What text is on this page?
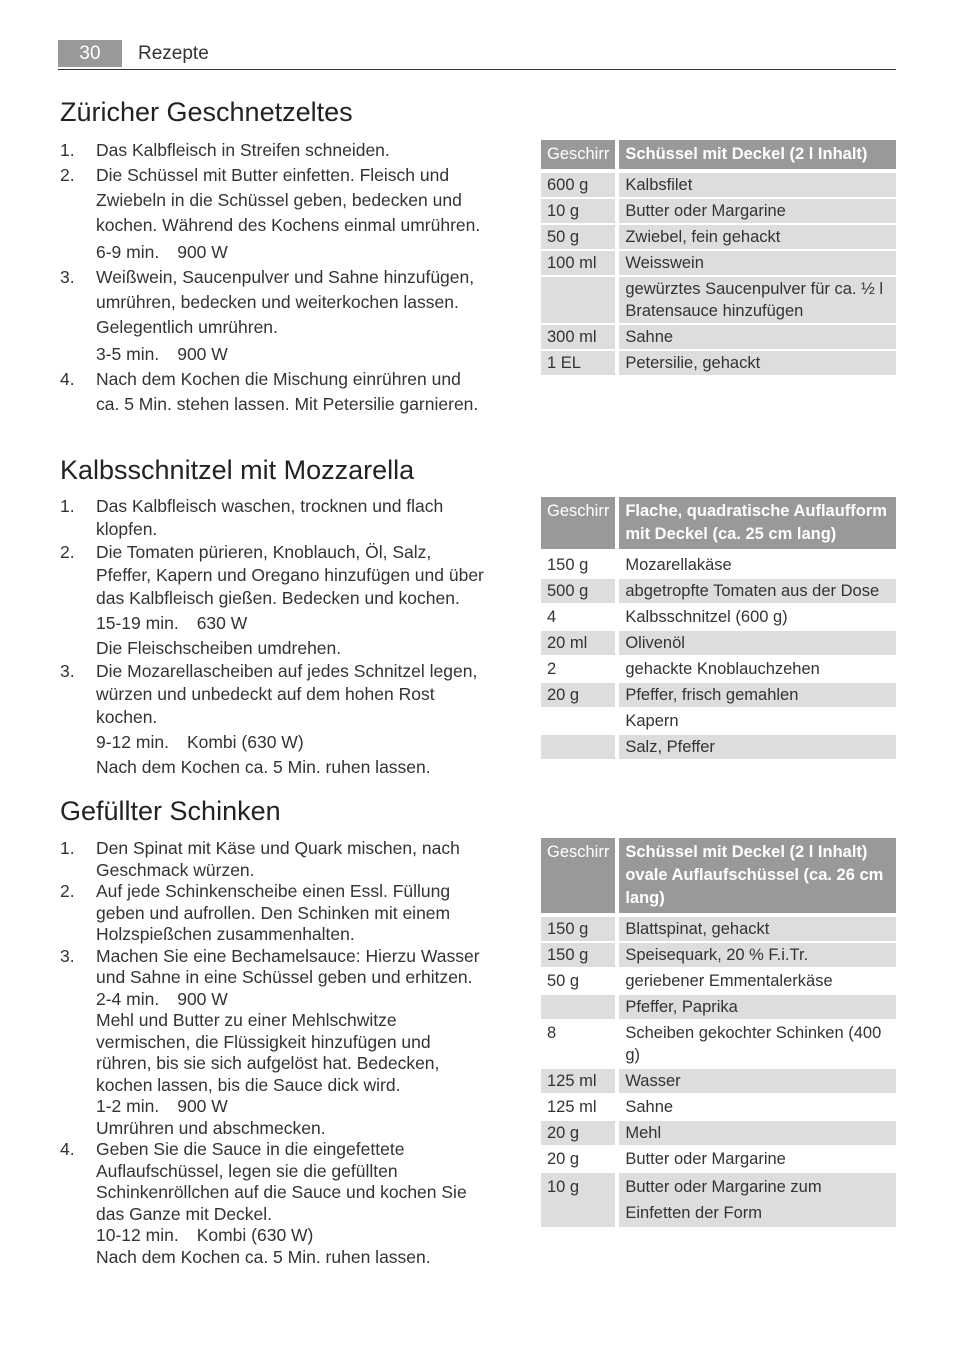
30	Rezepte
Züricher Geschnetzeltes
1. Das Kalbfleisch in Streifen schneiden.
2. Die Schüssel mit Butter einfetten. Fleisch und Zwiebeln in die Schüssel geben, bedecken und kochen. Während des Kochens einmal umrühren.
6-9 min. 900 W
3. Weißwein, Saucenpulver und Sahne hinzufügen, umrühren, bedecken und weiterkochen lassen. Gelegentlich umrühren.
3-5 min. 900 W
4. Nach dem Kochen die Mischung einrühren und ca. 5 Min. stehen lassen. Mit Petersilie garnieren.
Geschirr	Schüssel mit Deckel (2 l Inhalt)

600 g	Kalbsfilet
10 g	Butter oder Margarine
50 g	Zwiebel, fein gehackt
100 ml	Weisswein
	gewürztes Saucenpulver für ca. ½ l Bratensauce hinzufügen
300 ml	Sahne
1 EL	Petersilie, gehackt
Kalbsschnitzel mit Mozzarella
1. Das Kalbfleisch waschen, trocknen und flach klopfen.
2. Die Tomaten pürieren, Knoblauch, Öl, Salz, Pfeffer, Kapern und Oregano hinzufügen und über das Kalbfleisch gießen. Bedecken und kochen.
15-19 min. 630 W
Die Fleischscheiben umdrehen.
3. Die Mozarellascheiben auf jedes Schnitzel legen, würzen und unbedeckt auf dem hohen Rost kochen.
9-12 min. Kombi (630 W)
Nach dem Kochen ca. 5 Min. ruhen lassen.
Geschirr	Flache, quadratische Auflaufform mit Deckel (ca. 25 cm lang)

150 g	Mozarellakäse
500 g	abgetropfte Tomaten aus der Dose
4	Kalbsschnitzel (600 g)
20 ml	Olivenöl
2	gehackte Knoblauchzehen
20 g	Pfeffer, frisch gemahlen
	Kapern
	Salz, Pfeffer
Gefüllter Schinken
1. Den Spinat mit Käse und Quark mischen, nach Geschmack würzen.
2. Auf jede Schinkenscheibe einen Essl. Füllung geben und aufrollen. Den Schinken mit einem Holzspießchen zusammenhalten.
3. Machen Sie eine Bechamelsauce: Hierzu Wasser und Sahne in eine Schüssel geben und erhitzen.
2-4 min. 900 W
Mehl und Butter zu einer Mehlschwitze vermischen, die Flüssigkeit hinzufügen und rühren, bis sie sich aufgelöst hat. Bedecken, kochen lassen, bis die Sauce dick wird.
1-2 min. 900 W
Umrühren und abschmecken.
4. Geben Sie die Sauce in die eingefettete Auflaufschüssel, legen sie die gefüllten Schinkenröllchen auf die Sauce und kochen Sie das Ganze mit Deckel.
10-12 min. Kombi (630 W)
Nach dem Kochen ca. 5 Min. ruhen lassen.
Geschirr	Schüssel mit Deckel (2 l Inhalt) ovale Auflaufschüssel (ca. 26 cm lang)

150 g	Blattspinat, gehackt
150 g	Speisequark, 20 % F.i.Tr.
50 g	geriebener Emmentalerkäse
	Pfeffer, Paprika
8	Scheiben gekochter Schinken (400 g)
125 ml	Wasser
125 ml	Sahne
20 g	Mehl
20 g	Butter oder Margarine
10 g	Butter oder Margarine zum Einfetten der Form
